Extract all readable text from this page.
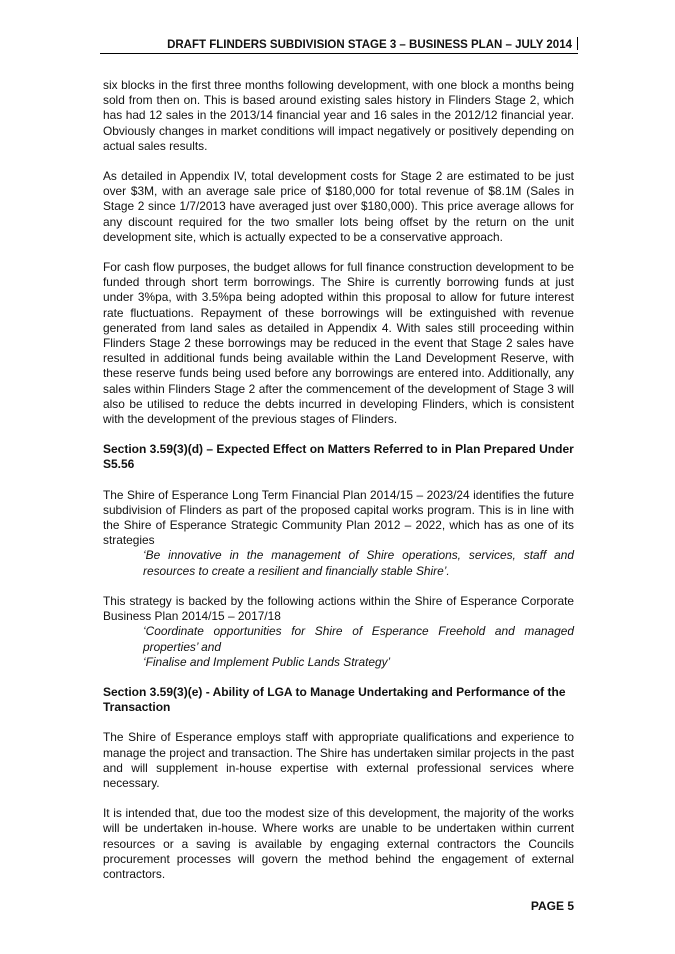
DRAFT FLINDERS SUBDIVISION STAGE 3 – BUSINESS PLAN – JULY 2014

six blocks in the first three months following development, with one block a months being sold from then on. This is based around existing sales history in Flinders Stage 2, which has had 12 sales in the 2013/14 financial year and 16 sales in the 2012/12 financial year. Obviously changes in market conditions will impact negatively or positively depending on actual sales results.

As detailed in Appendix IV, total development costs for Stage 2 are estimated to be just over $3M, with an average sale price of $180,000 for total revenue of $8.1M (Sales in Stage 2 since 1/7/2013 have averaged just over $180,000). This price average allows for any discount required for the two smaller lots being offset by the return on the unit development site, which is actually expected to be a conservative approach.

For cash flow purposes, the budget allows for full finance construction development to be funded through short term borrowings. The Shire is currently borrowing funds at just under 3%pa, with 3.5%pa being adopted within this proposal to allow for future interest rate fluctuations. Repayment of these borrowings will be extinguished with revenue generated from land sales as detailed in Appendix 4. With sales still proceeding within Flinders Stage 2 these borrowings may be reduced in the event that Stage 2 sales have resulted in additional funds being available within the Land Development Reserve, with these reserve funds being used before any borrowings are entered into. Additionally, any sales within Flinders Stage 2 after the commencement of the development of Stage 3 will also be utilised to reduce the debts incurred in developing Flinders, which is consistent with the development of the previous stages of Flinders.

Section 3.59(3)(d) – Expected Effect on Matters Referred to in Plan Prepared Under S5.56

The Shire of Esperance Long Term Financial Plan 2014/15 – 2023/24 identifies the future subdivision of Flinders as part of the proposed capital works program. This is in line with the Shire of Esperance Strategic Community Plan 2012 – 2022, which has as one of its strategies

‘Be innovative in the management of Shire operations, services, staff and resources to create a resilient and financially stable Shire’.

This strategy is backed by the following actions within the Shire of Esperance Corporate Business Plan 2014/15 – 2017/18

‘Coordinate opportunities for Shire of Esperance Freehold and managed properties’ and
‘Finalise and Implement Public Lands Strategy’
Section 3.59(3)(e) - Ability of LGA to Manage Undertaking and Performance of the Transaction

The Shire of Esperance employs staff with appropriate qualifications and experience to manage the project and transaction. The Shire has undertaken similar projects in the past and will supplement in-house expertise with external professional services where necessary.

It is intended that, due too the modest size of this development, the majority of the works will be undertaken in-house. Where works are unable to be undertaken within current resources or a saving is available by engaging external contractors the Councils procurement processes will govern the method behind the engagement of external contractors.

PAGE 5
